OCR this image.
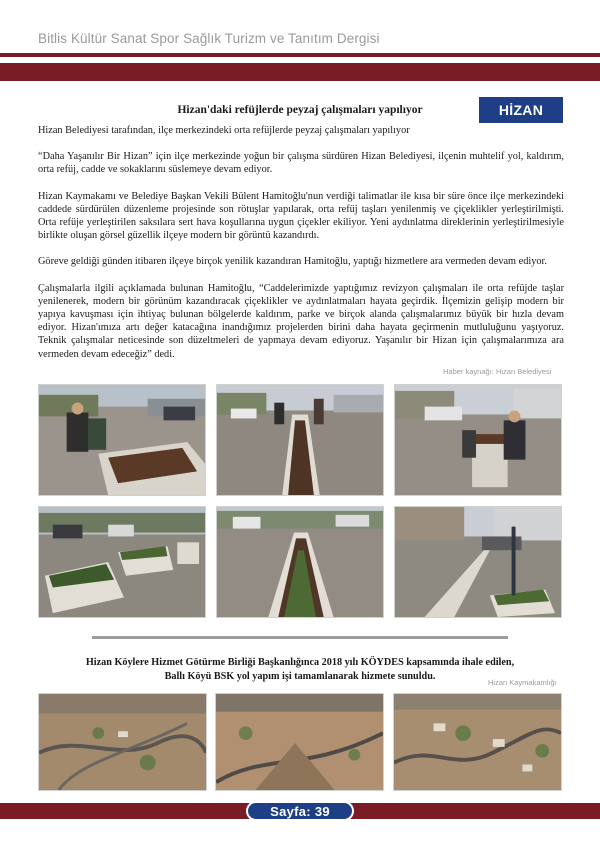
Bitlis Kültür Sanat Spor Sağlık Turizm ve Tanıtım Dergisi
HİZAN
Hizan'daki refüjlerde peyzaj çalışmaları yapılıyor

Hizan Belediyesi tarafından, ilçe merkezindeki orta refüjlerde peyzaj çalışmaları yapılıyor

“Daha Yaşanılır Bir Hizan” için ilçe merkezinde yoğun bir çalışma sürdüren Hizan Belediyesi, ilçenin muhtelif yol, kaldırım, orta refüj, cadde ve sokaklarını süslemeye devam ediyor.

Hizan Kaymakamı ve Belediye Başkan Vekili Bülent Hamitoğlu'nun verdiği talimatlar ile kısa bir süre önce ilçe merkezindeki caddede sürdürülen düzenleme projesinde son rötuşlar yapılarak, orta refüj taşları yenilenmiş ve çiçeklikler yerleştirilmişti. Orta refüje yerleştirilen saksılara sert hava koşullarına uygun çiçekler ekiliyor. Yeni aydınlatma direklerinin yerleştirilmesiyle birlikte oluşan görsel güzellik ilçeye modern bir görüntü kazandırdı.

Göreve geldiği günden itibaren ilçeye birçok yenilik kazandıran Hamitoğlu, yaptığı hizmetlere ara vermeden devam ediyor.

Çalışmalarla ilgili açıklamada bulunan Hamitoğlu, “Caddelerimizde yaptığımız revizyon çalışmaları ile orta refüjde taşlar yenilenerek, modern bir görünüm kazandıracak çiçeklikler ve aydınlatmaları hayata geçirdik. İlçemizin gelişip modern bir yapıya kavuşması için ihtiyaç bulunan bölgelerde kaldırım, parke ve birçok alanda çalışmalarımız büyük bir hızla devam ediyor. Hizan'ımıza artı değer katacağına inandığımız projelerden birini daha hayata geçirmenin mutluluğunu yaşıyoruz. Teknik çalışmalar neticesinde son düzeltmeleri de yapmaya devam ediyoruz. Yaşanılır bir Hizan için çalışmalarımıza ara vermeden devam edeceğiz” dedi.

Haber kaynağı: Hizan Belediyesi
Hizan Köylere Hizmet Götürme Birliği Başkanlığınca 2018 yılı KÖYDES kapsamında ihale edilen,
Ballı Köyü BSK yol yapım işi tamamlanarak hizmete sunuldu.
Hizan Kaymakamlığı
Sayfa: 39
